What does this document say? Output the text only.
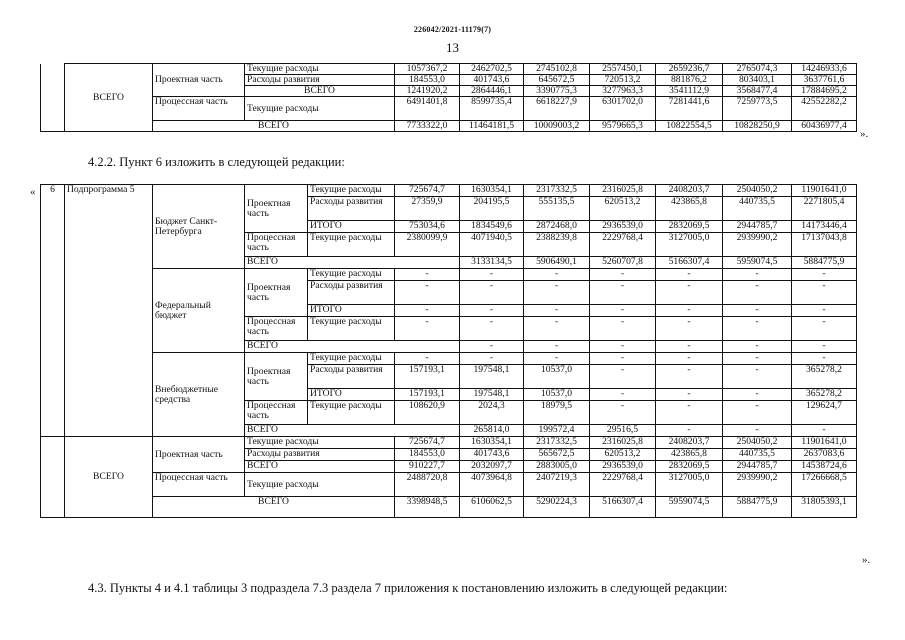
226042/2021-11179(7)
13
	ВСЕГО	Проектная часть	Текущие расходы	1057367,2	2462702,5	2745102,8	2557450,1	2659236,7	2765074,3	14246933,6
			Расходы развития	184553,0	401743,6	645672,5	720513,2	881876,2	803403,1	3637761,6
			ВСЕГО	1241920,2	2864446,1	3390775,3	3277963,3	3541112,9	3568477,4	17884695,2
		Процессная часть	Текущие расходы	6491401,8	8599735,4	6618227,9	6301702,0	7281441,6	7259773,5	42552282,2
		ВСЕГО		7733322,0	11464181,5	10009003,2	9579665,3	10822554,5	10828250,9	60436977,4
».
4.2.2. Пункт 6 изложить в следующей редакции:
« 6	Подпрограмма 5	Бюджет Санкт-Петербурга	Проектная часть	Текущие расходы	725674,7	1630354,1	2317332,5	2316025,8	2408203,7	2504050,2	11901641,0	
				Расходы развития	27359,9	204195,5	555135,5	620513,2	423865,8	440735,5	2271805,4	
				ИТОГО	753034,6	1834549,6	2872468,0	2936539,0	2832069,5	2944785,7	14173446,4	
			Процессная часть	Текущие расходы	2380099,9	4071940,5	2388239,8	2229768,4	3127005,0	2939990,2	17137043,8	
			ВСЕГО			3133134,5	5906490,1	5260707,8	5166307,4	5959074,5	5884775,9	
		Федеральный бюджет	Проектная часть	Текущие расходы	-	-	-	-	-	-	-	
				Расходы развития	-	-	-	-	-	-	-	
				ИТОГО	-	-	-	-	-	-	-	
			Процессная часть	Текущие расходы	-	-	-	-	-	-	-	
			ВСЕГО			-	-	-	-	-	-	
		Внебюджетные средства	Проектная часть	Текущие расходы	-	-	-	-	-	-	-	
				Расходы развития	157193,1	197548,1	10537,0	-	-	-	365278,2	
				ИТОГО	157193,1	197548,1	10537,0	-	-	-	365278,2	
			Процессная часть	Текущие расходы	108620,9	2024,3	18979,5	-	-	-	129624,7	
			ВСЕГО			265814,0	199572,4	29516,5	-	-	-	
	ВСЕГО	Проектная часть	Текущие расходы		725674,7	1630354,1	2317332,5	2316025,8	2408203,7	2504050,2	11901641,0	
			Расходы развития		184553,0	401743,6	565672,5	620513,2	423865,8	440735,5	2637083,6	
			ВСЕГО		910227,7	2032097,7	2883005,0	2936539,0	2832069,5	2944785,7	14538724,6	
		Процессная часть	Текущие расходы		2488720,8	4073964,8	2407219,3	2229768,4	3127005,0	2939990,2	17266668,5	
		ВСЕГО			3398948,5	6106062,5	5290224,3	5166307,4	5959074,5	5884775,9	31805393,1	
».
4.3. Пункты 4 и 4.1 таблицы 3 подраздела 7.3 раздела 7 приложения к постановлению изложить в следующей редакции:
